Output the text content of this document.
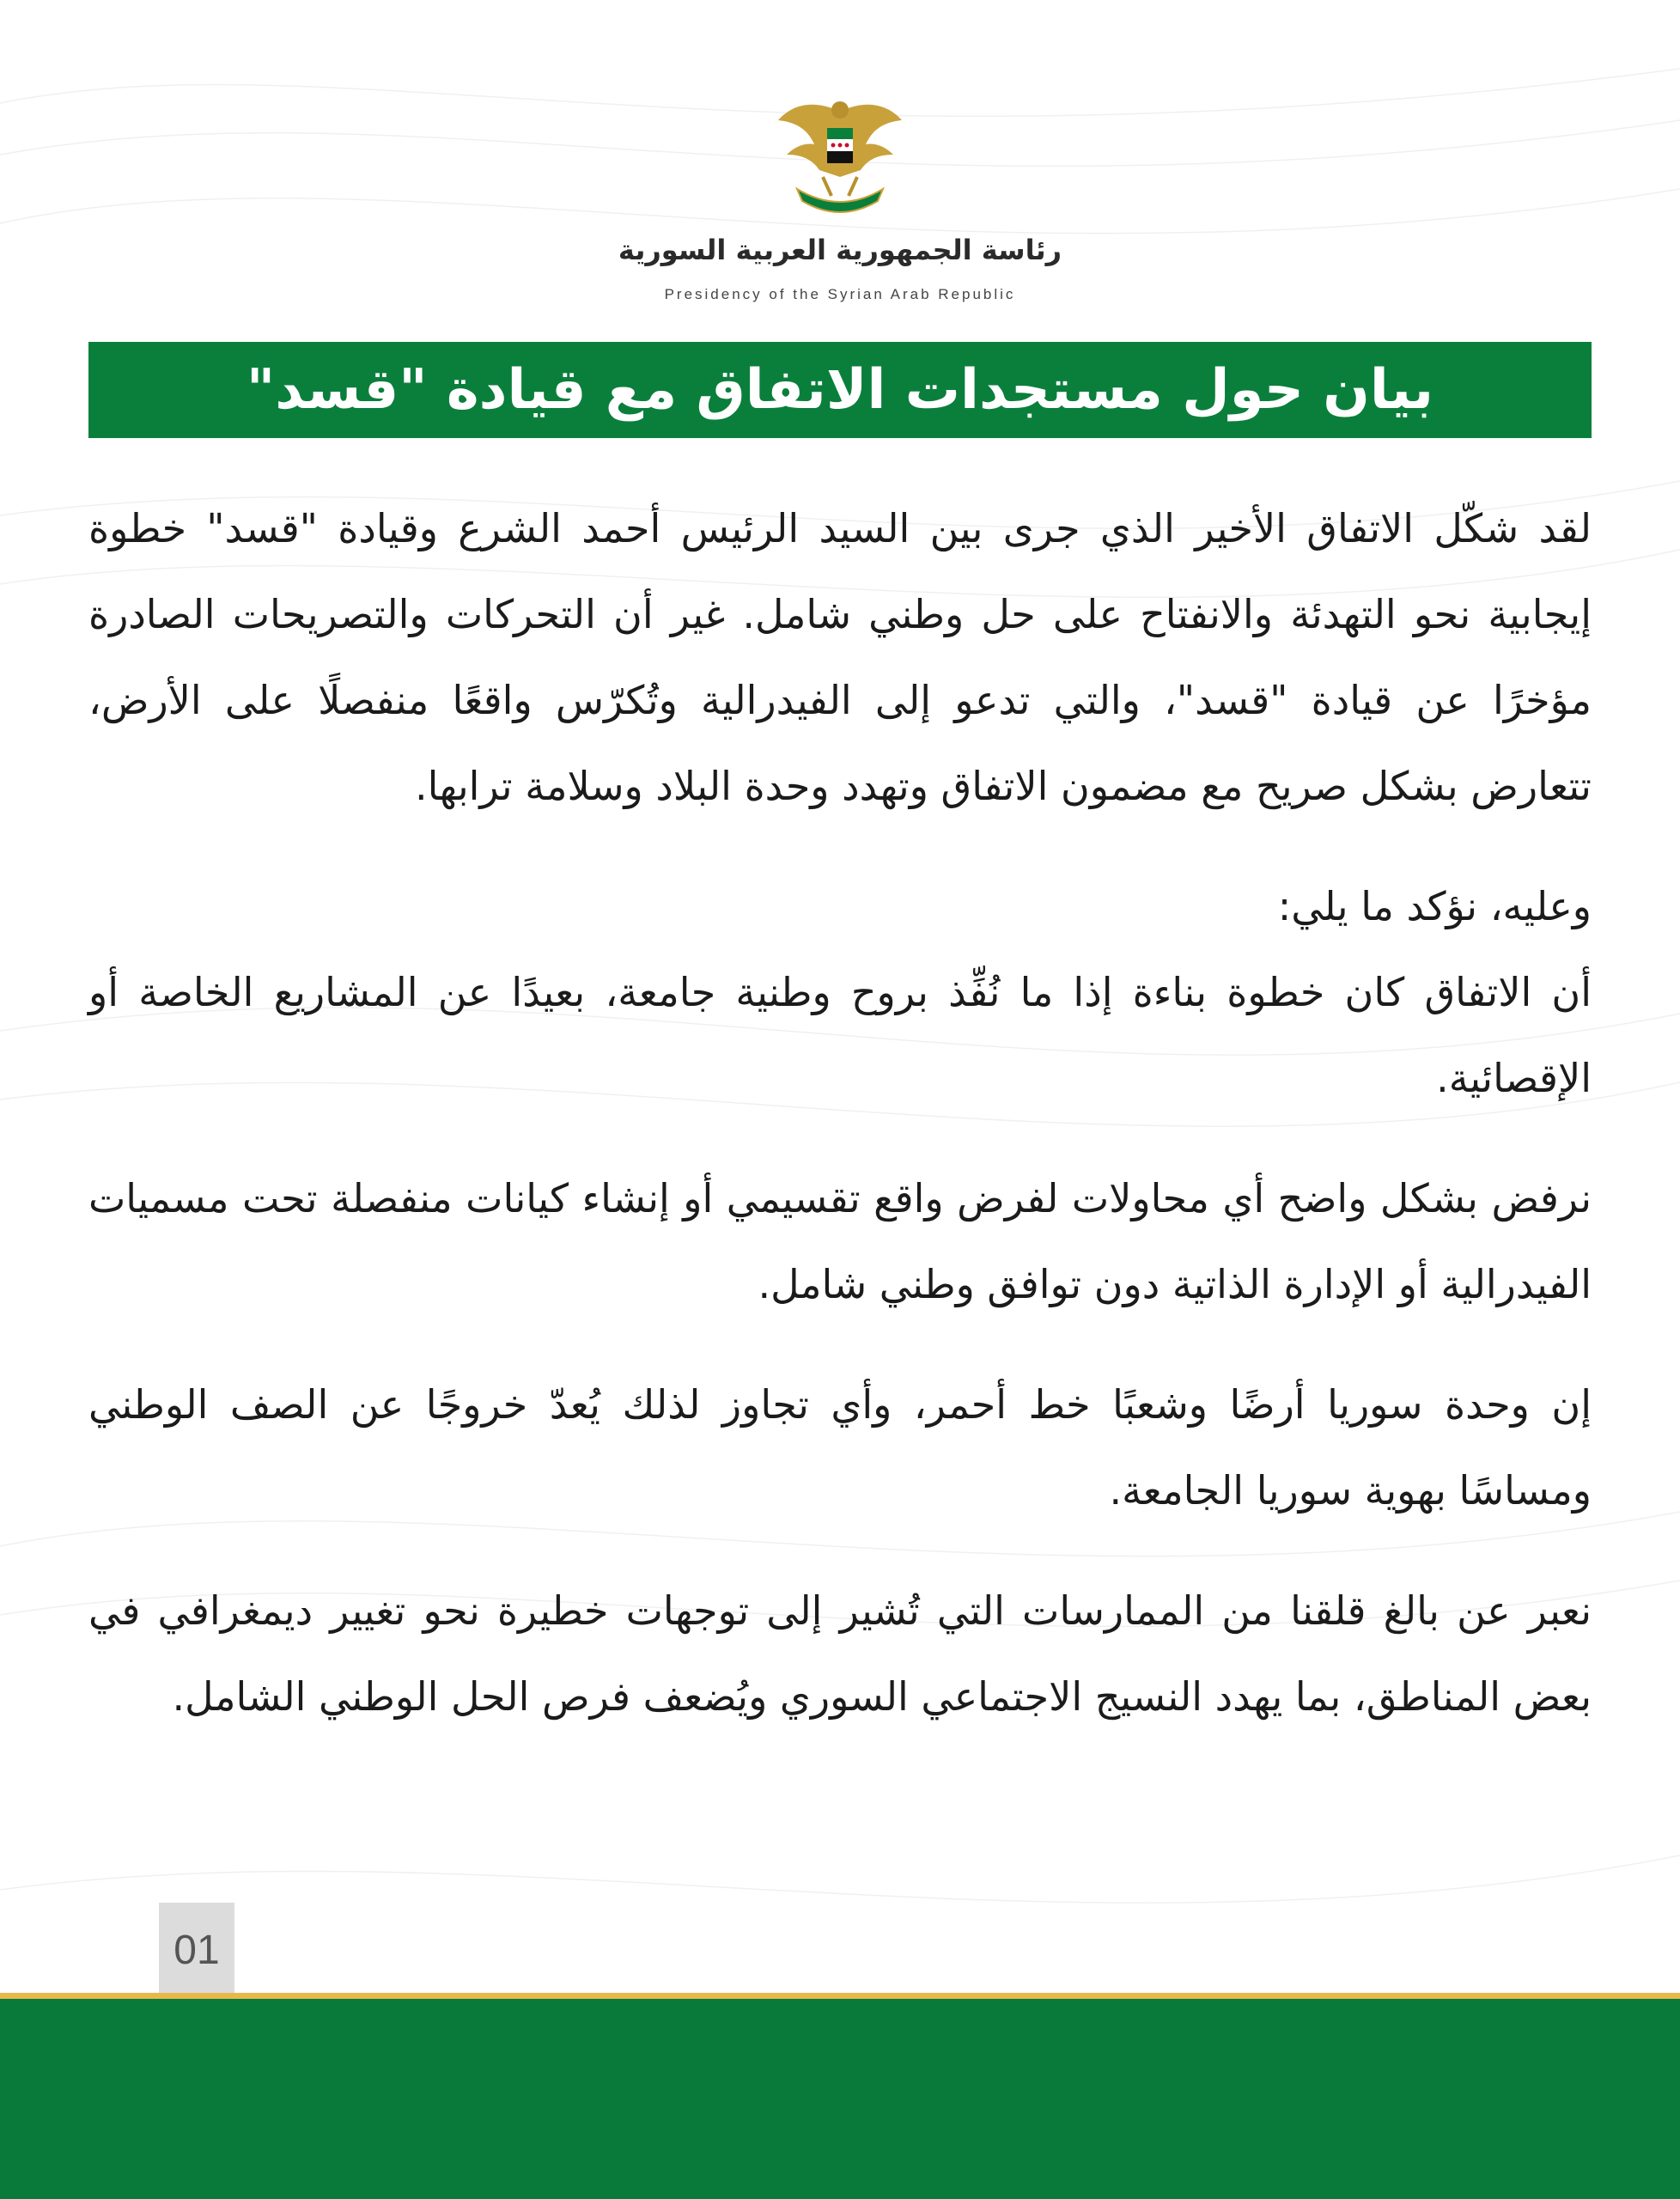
رئاسة الجمهورية العربية السورية
Presidency of the Syrian Arab Republic
بيان حول مستجدات الاتفاق مع قيادة "قسد"

لقد شكّل الاتفاق الأخير الذي جرى بين السيد الرئيس أحمد الشرع وقيادة "قسد" خطوة إيجابية نحو التهدئة والانفتاح على حل وطني شامل. غير أن التحركات والتصريحات الصادرة مؤخرًا عن قيادة "قسد"، والتي تدعو إلى الفيدرالية وتُكرّس واقعًا منفصلًا على الأرض، تتعارض بشكل صريح مع مضمون الاتفاق وتهدد وحدة البلاد وسلامة ترابها.

وعليه، نؤكد ما يلي:

أن الاتفاق كان خطوة بناءة إذا ما نُفِّذ بروح وطنية جامعة، بعيدًا عن المشاريع الخاصة أو الإقصائية.

نرفض بشكل واضح أي محاولات لفرض واقع تقسيمي أو إنشاء كيانات منفصلة تحت مسميات الفيدرالية أو الإدارة الذاتية دون توافق وطني شامل.

إن وحدة سوريا أرضًا وشعبًا خط أحمر، وأي تجاوز لذلك يُعدّ خروجًا عن الصف الوطني ومساسًا بهوية سوريا الجامعة.

نعبر عن بالغ قلقنا من الممارسات التي تُشير إلى توجهات خطيرة نحو تغيير ديمغرافي في بعض المناطق، بما يهدد النسيج الاجتماعي السوري ويُضعف فرص الحل الوطني الشامل.

01
